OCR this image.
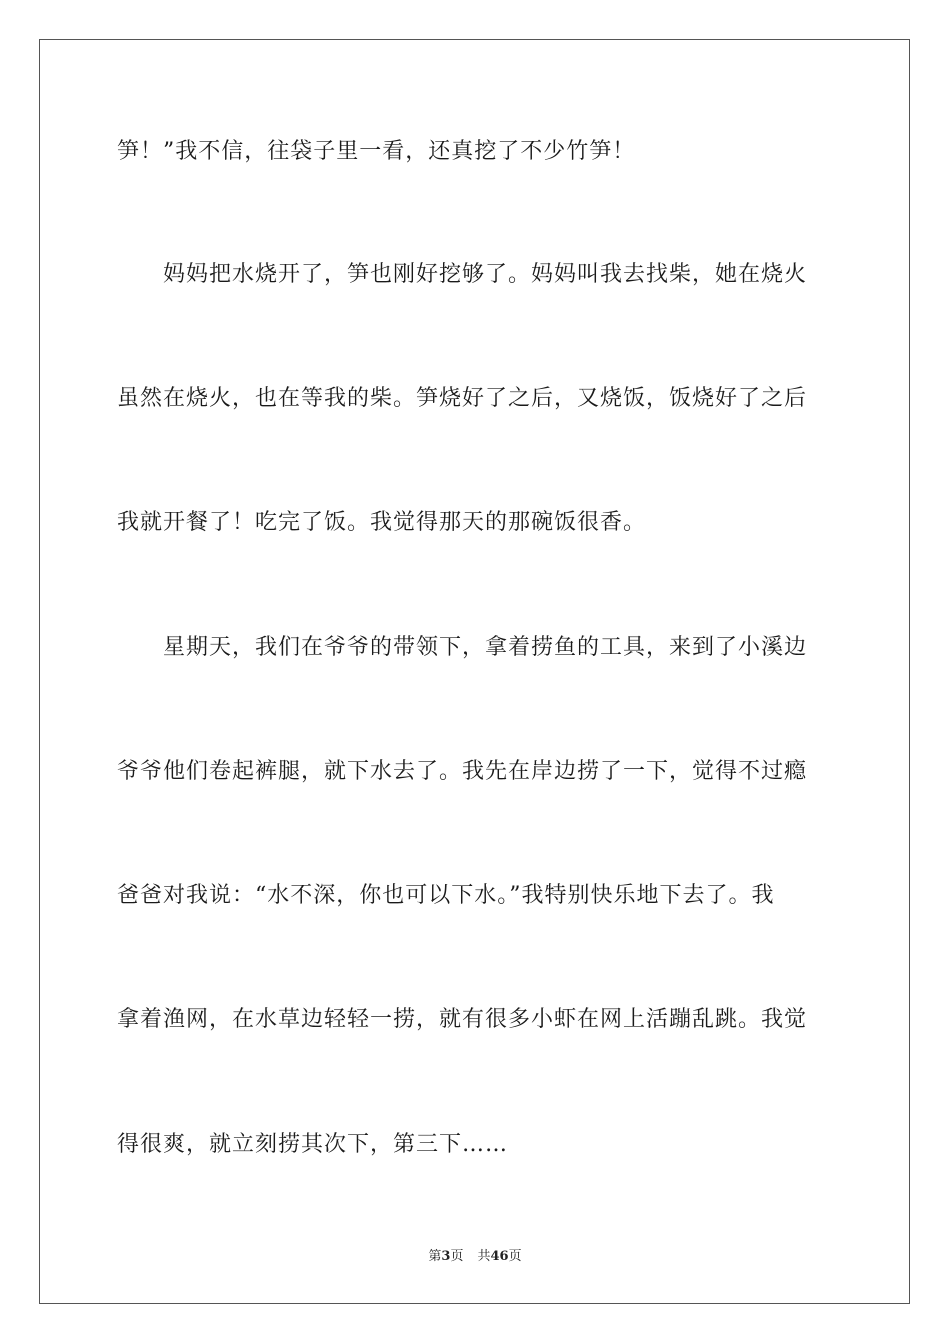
笋！”我不信，往袋子里一看，还真挖了不少竹笋！
妈妈把水烧开了，笋也刚好挖够了。妈妈叫我去找柴，她在烧火
虽然在烧火，也在等我的柴。笋烧好了之后，又烧饭，饭烧好了之后
我就开餐了！吃完了饭。我觉得那天的那碗饭很香。
星期天，我们在爷爷的带领下，拿着捞鱼的工具，来到了小溪边
爷爷他们卷起裤腿，就下水去了。我先在岸边捞了一下，觉得不过瘾
爸爸对我说：“水不深，你也可以下水。”我特别快乐地下去了。我
拿着渔网，在水草边轻轻一捞，就有很多小虾在网上活蹦乱跳。我觉
得很爽，就立刻捞其次下，第三下……
第3页 共46页
